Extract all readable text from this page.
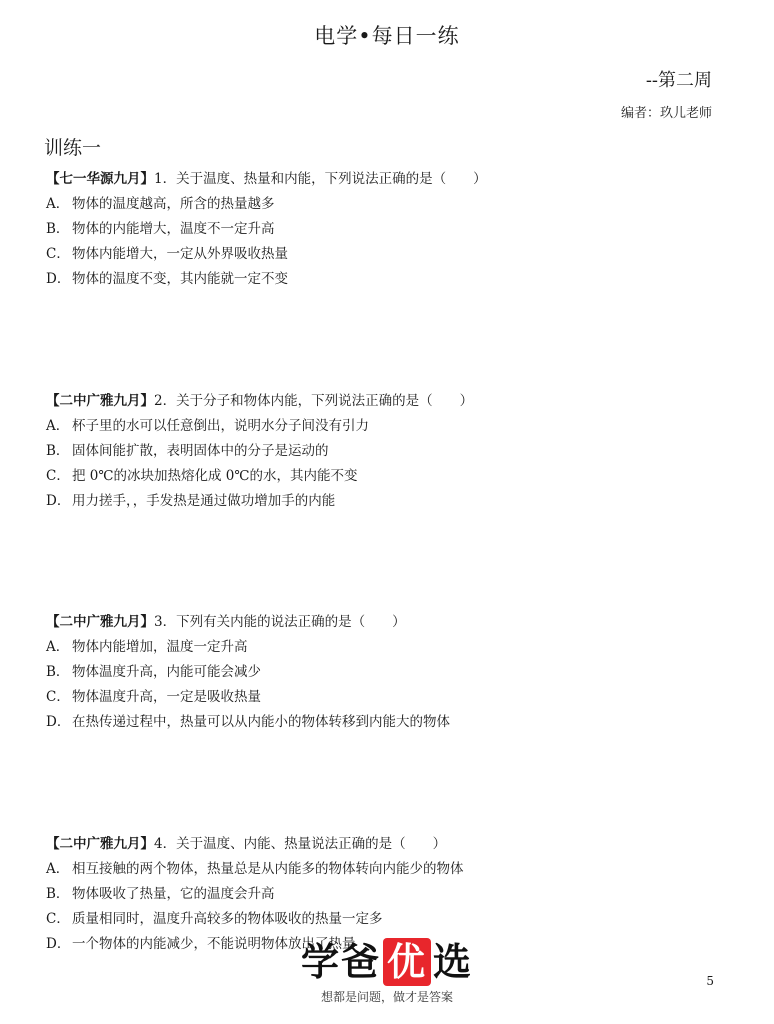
电学•每日一练
--第二周
编者：玖儿老师
训练一
【七一华源九月】1．关于温度、热量和内能，下列说法正确的是（　　）
A． 物体的温度越高，所含的热量越多
B． 物体的内能增大，温度不一定升高
C． 物体内能增大，一定从外界吸收热量
D． 物体的温度不变，其内能就一定不变
【二中广雅九月】2．关于分子和物体内能，下列说法正确的是（　　）
A． 杯子里的水可以任意倒出，说明水分子间没有引力
B． 固体间能扩散，表明固体中的分子是运动的
C． 把 0℃的冰块加热熔化成 0℃的水，其内能不变
D． 用力搓手，，手发热是通过做功增加手的内能
【二中广雅九月】3．下列有关内能的说法正确的是（　　）
A． 物体内能增加，温度一定升高
B． 物体温度升高，内能可能会减少
C． 物体温度升高，一定是吸收热量
D． 在热传递过程中，热量可以从内能小的物体转移到内能大的物体
【二中广雅九月】4．关于温度、内能、热量说法正确的是（　　）
A． 相互接触的两个物体，热量总是从内能多的物体转向内能少的物体
B． 物体吸收了热量，它的温度会升高
C． 质量相同时，温度升高较多的物体吸收的热量一定多
D． 一个物体的内能减少，不能说明物体放出了热量
学爸 优 选
想都是问题，做才是答案
5
